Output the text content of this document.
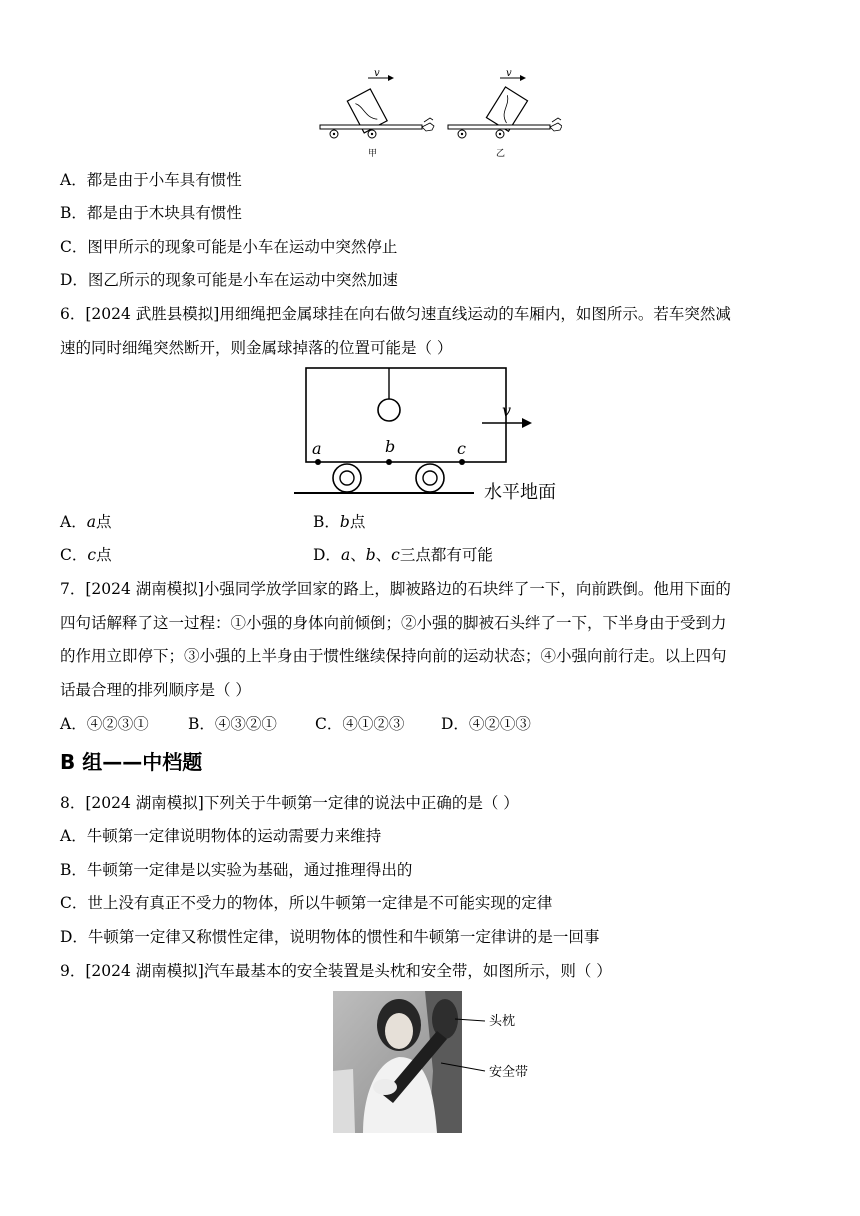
v
甲
v
乙
A．都是由于小车具有惯性
B．都是由于木块具有惯性
C．图甲所示的现象可能是小车在运动中突然停止
D．图乙所示的现象可能是小车在运动中突然加速
6．[2024 武胜县模拟]用细绳把金属球挂在向右做匀速直线运动的车厢内，如图所示。若车突然减
速的同时细绳突然断开，则金属球掉落的位置可能是（ ）
a	b	c
v
水平地面
A．a点	B．b点
C．c点	D．a、b、c三点都有可能
7．[2024 湖南模拟]小强同学放学回家的路上，脚被路边的石块绊了一下，向前跌倒。他用下面的
四句话解释了这一过程：①小强的身体向前倾倒；②小强的脚被石头绊了一下，下半身由于受到力
的作用立即停下；③小强的上半身由于惯性继续保持向前的运动状态；④小强向前行走。以上四句
话最合理的排列顺序是（ ）
A．④②③①	B．④③②① C．④①②③ D．④②①③
B 组——中档题
8．[2024 湖南模拟]下列关于牛顿第一定律的说法中正确的是（ ）
A．牛顿第一定律说明物体的运动需要力来维持
B．牛顿第一定律是以实验为基础，通过推理得出的
C．世上没有真正不受力的物体，所以牛顿第一定律是不可能实现的定律
D．牛顿第一定律又称惯性定律，说明物体的惯性和牛顿第一定律讲的是一回事
9．[2024 湖南模拟]汽车最基本的安全装置是头枕和安全带，如图所示，则（ ）
头枕
安全带
